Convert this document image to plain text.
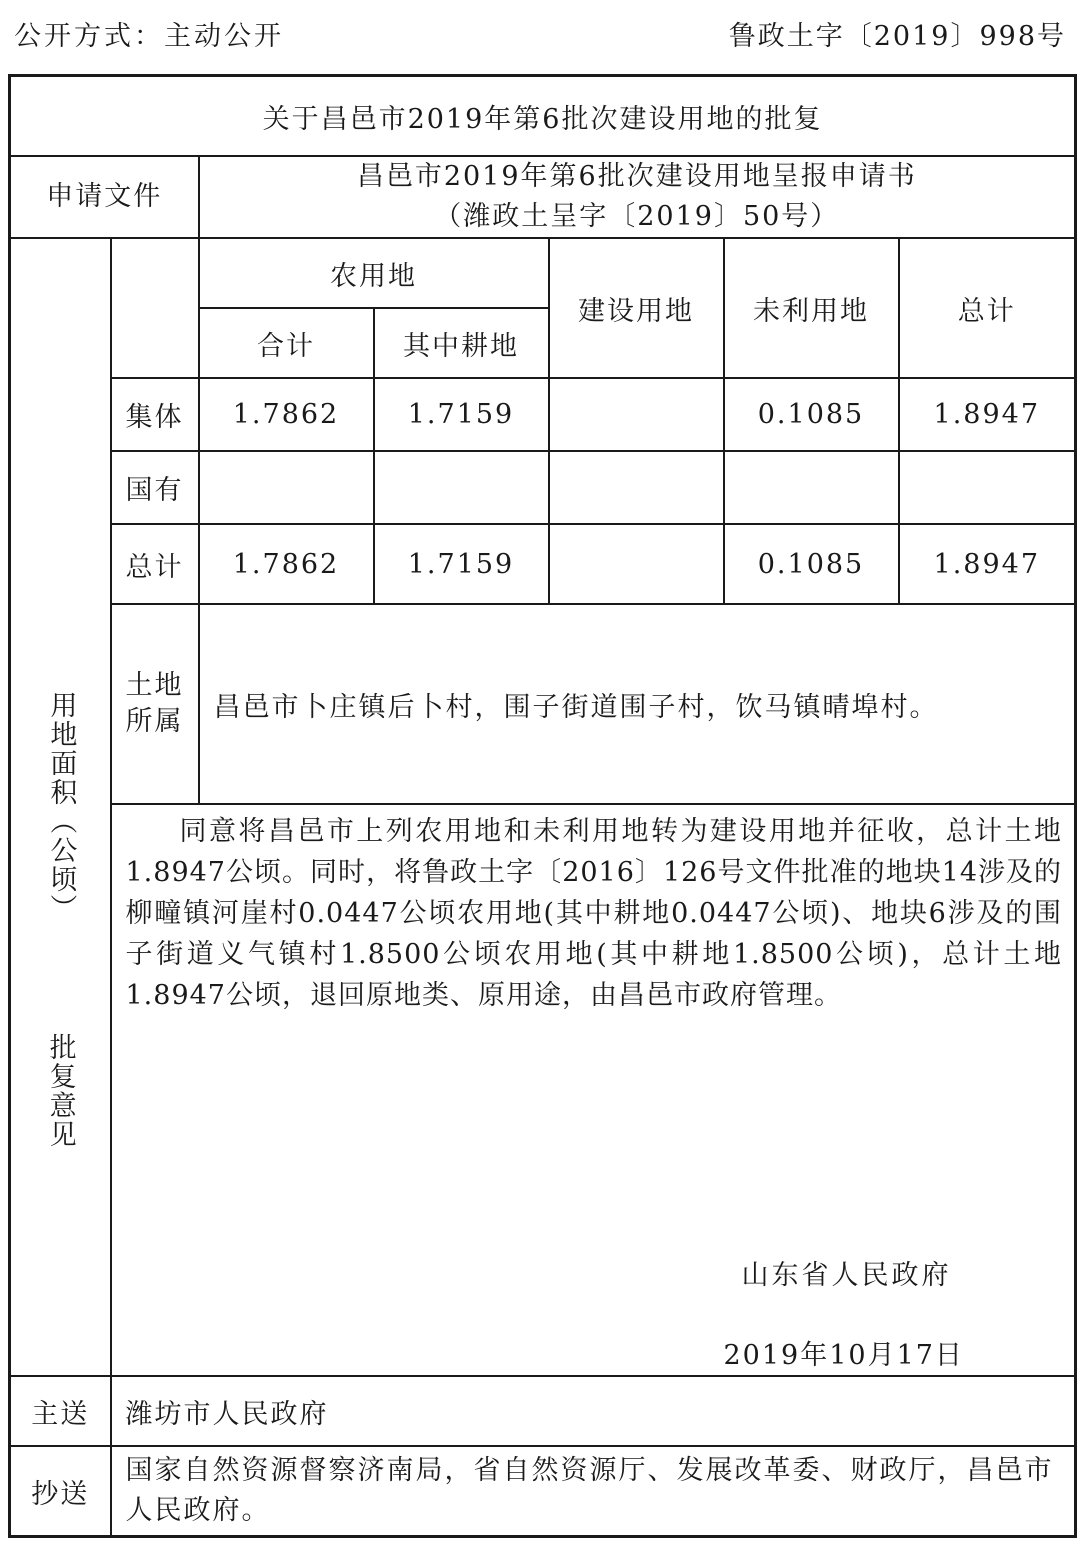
公开方式：主动公开	鲁政土字〔2019〕998号
关于昌邑市2019年第6批次建设用地的批复						
申请文件		昌邑市2019年第6批次建设用地呈报申请书
（潍政土呈字〔2019〕50号）				

用地面积（公顷）		农用地		建设用地	未利用地	总计
		合计	其中耕地			
	集体	1.7862	1.7159		0.1085	1.8947
	国有					
	总计	1.7862	1.7159		0.1085	1.8947

	土地所属	昌邑市卜庄镇后卜村，围子街道围子村，饮马镇晴埠村。				

	同意将昌邑市上列农用地和未利用地转为建设用地并征收，总计土地1.8947公顷。同时，将鲁政土字〔2016〕126号文件批准的地块14涉及的柳疃镇河崖村0.0447公顷农用地(其中耕地0.0447公顷)、地块6涉及的围子街道义气镇村1.8500公顷农用地(其中耕地1.8500公顷)，总计土地1.8947公顷，退回原地类、原用途，由昌邑市政府管理。

山东省人民政府
2019年10月17日					

主送	潍坊市人民政府					
抄送	国家自然资源督察济南局，省自然资源厅、发展改革委、财政厅，昌邑市人民政府。					
批复意见
